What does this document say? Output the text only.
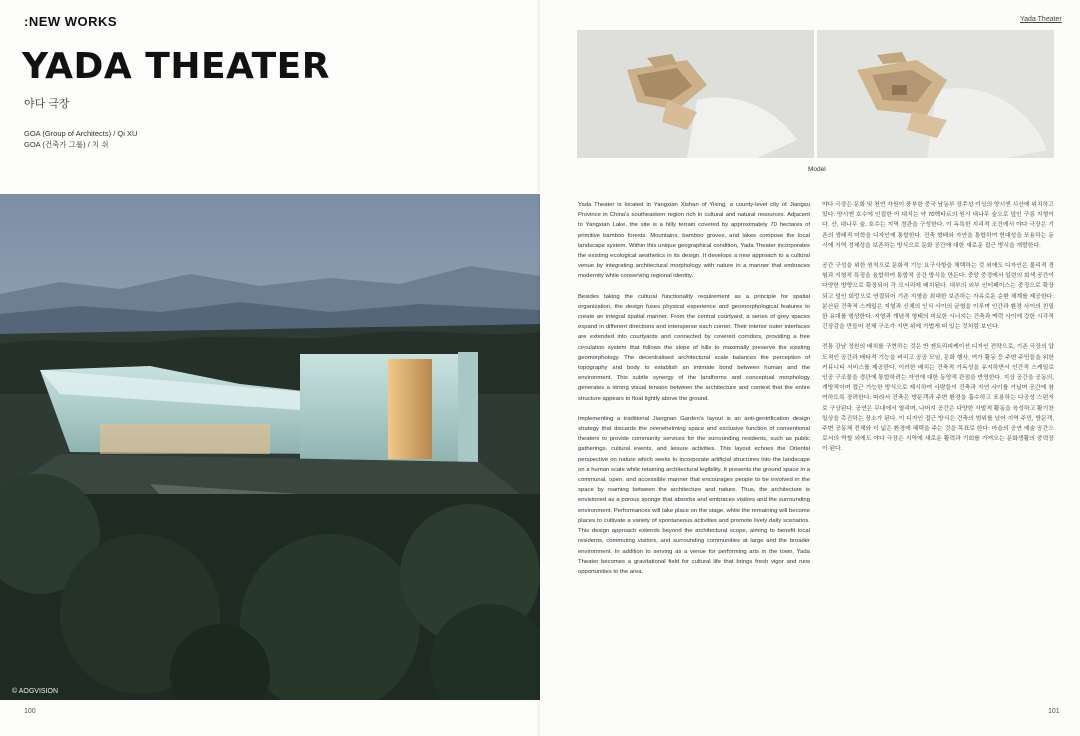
:NEW WORKS
YADA THEATER
야다 극장
GOA (Group of Architects) / Qi XU
GOA (건축가 그룹) / 치 쉬
© AOGVISION
100
Yada Theater
Model

Yada Theater is located in Yangxian Xishan of Yixing, a county-level city of Jiangsu Province in China's southeastern region rich in cultural and natural resources. Adjacent to Yangxian Lake, the site is a hilly terrain covered by approximately 70 hectares of primitive bamboo forests. Mountains, bamboo groves, and lakes compose the local landscape system. Within this unique geographical condition, Yada Theater incorporates the existing ecological aesthetics in its design. It develops a new approach to a cultural venue by integrating architectural morphology with nature in a manner that embraces modernity while conserving regional identity.

Besides taking the cultural functionality requirement as a principle for spatial organization, the design fuses physical experience and geomorphological features to create an integral spatial manner. From the central courtyard, a series of grey spaces expand in different directions and intersperse each corner. Their interior outer interfaces are extended into courtyards and connected by covered corridors, providing a free circulation system that follows the slope of hills to maximally preserve the existing geomorphology. The decentralised architectural scale balances the perception of topography and body to establish an intimate bond between human and the environment. This subtle synergy of the landforms and conceptual morphology generates a strong visual tension between the architecture and context that the entire structure appears to float lightly above the ground.

Implementing a traditional Jiangnan Garden's layout is an anti-gentrification design strategy that discards the overwhelming space and exclusive function of conventional theaters to provide community services for the surrounding residents, such as public gatherings, cultural events, and leisure activities. This layout echoes the Oriental perspective on nature which seeks to incorporate artificial structures into the landscape on a human scale while retaining architectural legibility. It presents the ground space in a communal, open, and accessible manner that encourages people to be involved in the space by roaming between the architecture and nature. Thus, the architecture is envisioned as a porous sponge that absorbs and embraces visitors and the surrounding environment. Performances will take place on the stage, while the remaining will become places to cultivate a variety of spontaneous activities and promote lively daily scenarios. This design approach extends beyond the architectural scope, aiming to benefit local residents, commuting visitors, and surrounding communities at large and the broader environment. In addition to serving as a venue for performing arts in the town, Yada Theater becomes a gravitational field for cultural life that brings fresh vigor and new opportunities to the area.

야다 극장은 문화 및 천연 자원이 풍부한 중국 남동부 장쑤성 이싱의 양시엔 시산에 위치하고 있다. 양시엔 호수에 인접한 이 대지는 약 70헥타르의 원시 대나무 숲으로 덮인 구릉 지형이다. 산, 대나무 숲, 호수는 지역 경관을 구성한다. 이 독특한 지리적 조건에서 야다 극장은 기존의 생태적 미학을 디자인에 통합한다. 건축 형태와 자연을 통합하여 현대성을 포용하는 동시에 지역 정체성을 보존하는 방식으로 문화 공간에 대한 새로운 접근 방식을 개발한다.

공간 구성을 위한 원칙으로 문화적 기능 요구사항을 채택하는 것 외에도 디자인은 물리적 경험과 지형적 특징을 융합하여 통합적 공간 방식을 만든다. 중앙 중정에서 일련의 회색 공간이 다양한 방향으로 확장되어 각 모서리에 배치된다. 내부의 외부 인터페이스는 중정으로 확장되고 덮인 회랑으로 연결되어 기존 지형을 최대한 보존하는 자유로운 순환 체계를 제공한다. 분산된 건축적 스케일은 지형과 신체의 인식 사이의 균형을 이루며 인간과 환경 사이의 친밀한 유대를 형성한다. 지형과 개념적 형태의 미묘한 시너지는 건축과 맥락 사이에 강한 시각적 긴장감을 만들어 전체 구조가 지면 위에 가볍게 떠 있는 것처럼 보인다.

전통 강남 정원의 배치를 구현하는 것은 반 젠트리피케이션 디자인 전략으로, 기존 극장의 압도적인 공간과 배타적 기능을 버리고 공공 모임, 문화 행사, 여가 활동 등 주변 주민들을 위한 커뮤니티 서비스를 제공한다. 이러한 배치는 건축적 가독성을 유지하면서 인간적 스케일로 인공 구조물을 경관에 통합하려는 자연에 대한 동양적 관점을 반영한다. 지상 공간을 공동의, 개방적이며 접근 가능한 방식으로 제시하여 사람들이 건축과 자연 사이를 거닐며 공간에 참여하도록 장려한다. 따라서 건축은 방문객과 주변 환경을 흡수하고 포용하는 다공성 스펀지로 구상된다. 공연은 무대에서 열리며, 나머지 공간은 다양한 자발적 활동을 육성하고 활기찬 일상을 촉진하는 장소가 된다. 이 디자인 접근 방식은 건축의 범위를 넘어 지역 주민, 방문객, 주변 공동체 전체와 더 넓은 환경에 혜택을 주는 것을 목표로 한다. 마을의 공연 예술 공간으로서의 역할 외에도 야다 극장은 지역에 새로운 활력과 기회를 가져오는 문화생활의 중력장이 된다.

101
